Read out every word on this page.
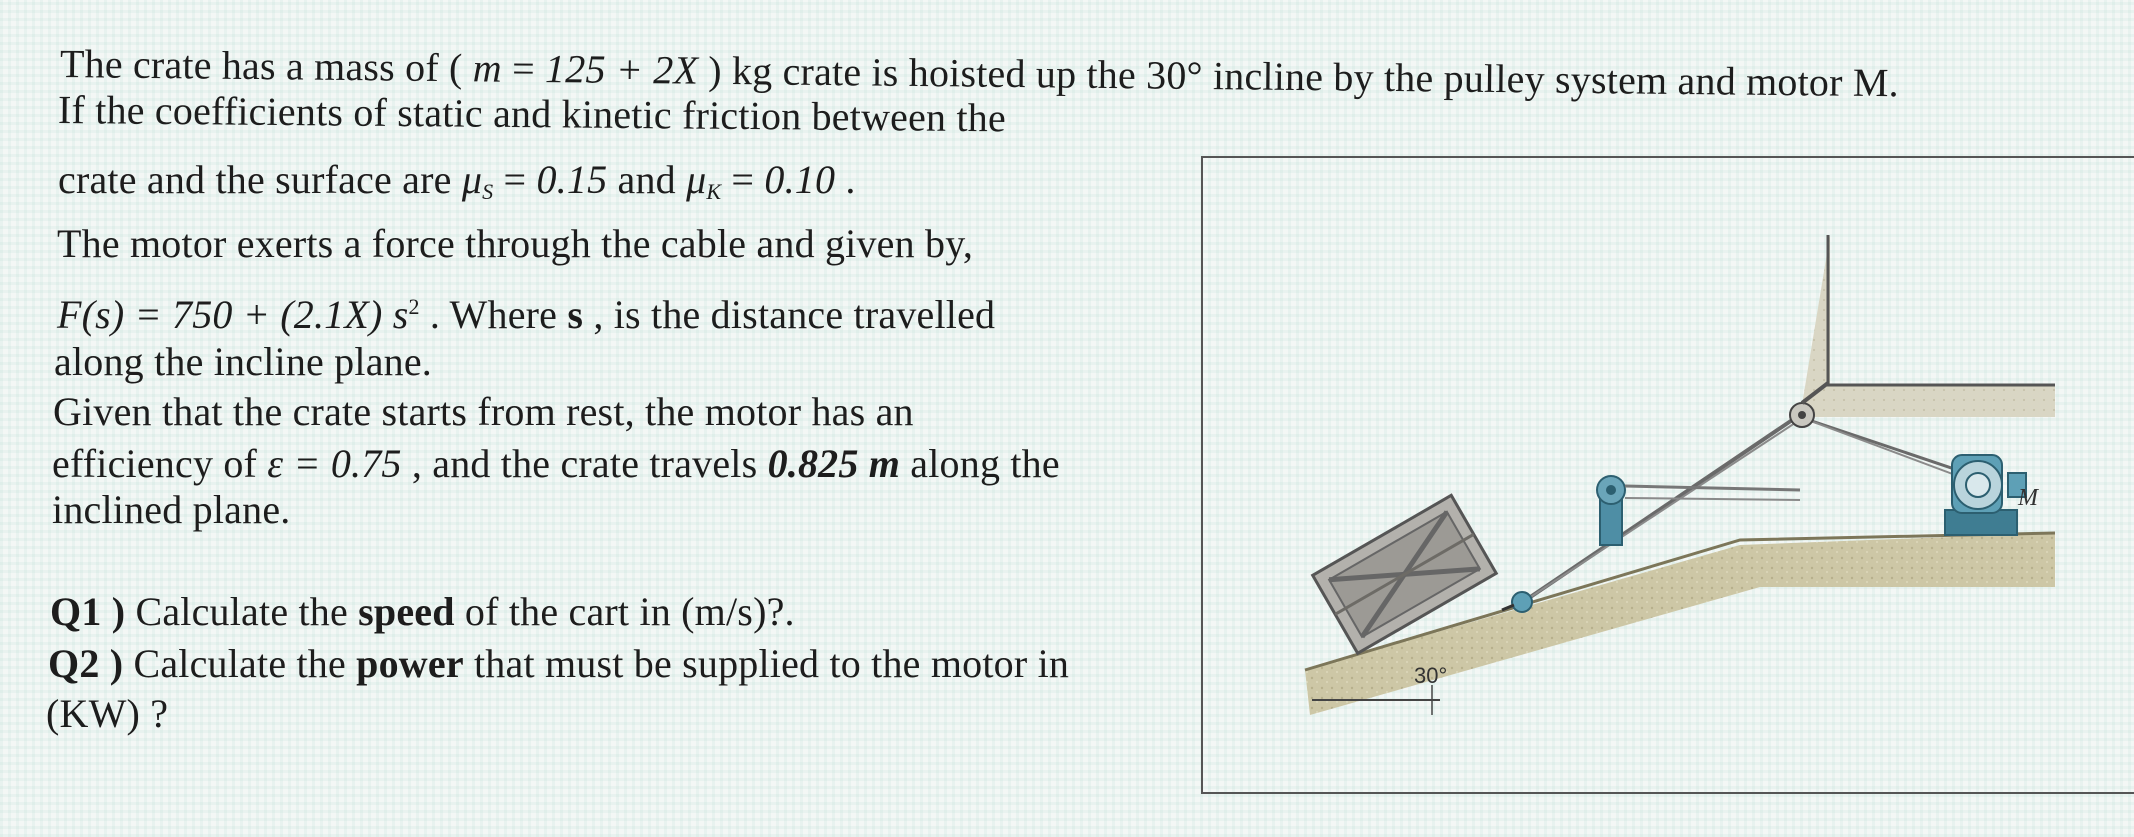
The crate has a mass of ( m = 125 + 2X ) kg crate is hoisted up the 30° incline by the pulley system and motor M.
If the coefficients of static and kinetic friction between the
crate and the surface are $\mu_S = 0.15$ and $\mu_K = 0.10$ .
The motor exerts a force through the cable and given by,
F(s) = 750 + (2.1X) $s^2$ . Where s , is the distance travelled
along the incline plane.
Given that the crate starts from rest, the motor has an
efficiency of ε = 0.75 , and the crate travels 0.825 m along the
inclined plane.
Q1 ) Calculate the speed of the cart in (m/s)?.
Q2 ) Calculate the power that must be supplied to the motor in
(KW) ?
M
30°
